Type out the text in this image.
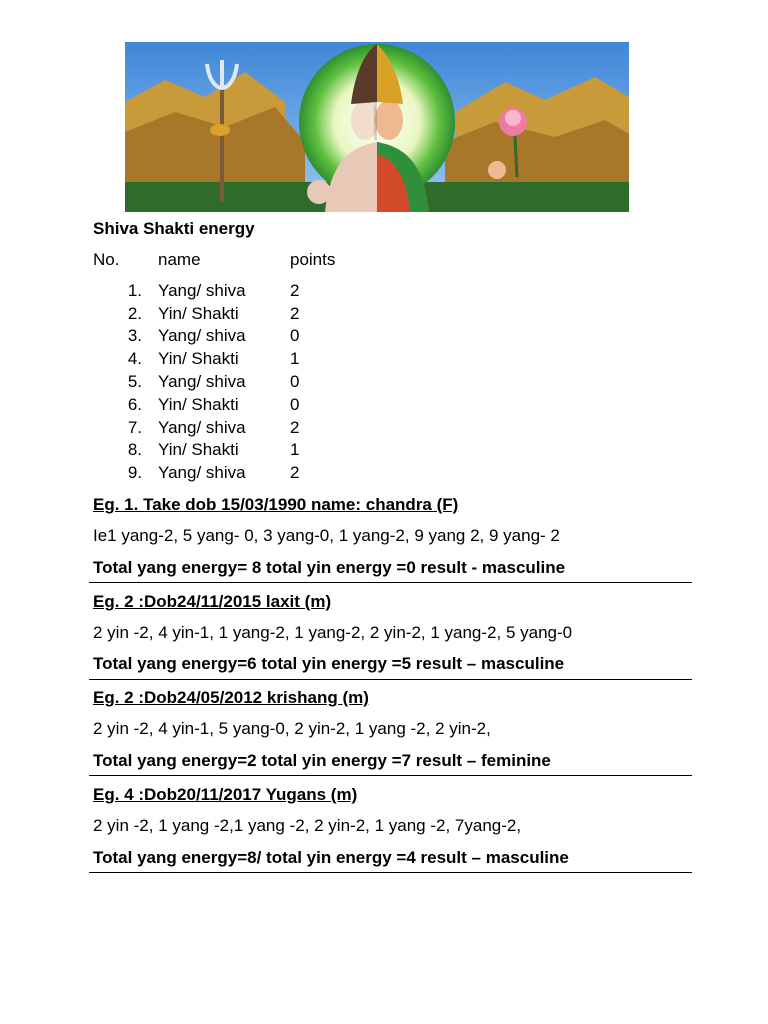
Shiva Shakti energy
No. name	points
1. Yang/ shiva	2
2. Yin/ Shakti	2
3. Yang/ shiva	0
4. Yin/ Shakti	1
5. Yang/ shiva	0
6. Yin/ Shakti	0
7. Yang/ shiva	2
8. Yin/ Shakti	1
9. Yang/ shiva	2
Eg. 1. Take dob 15/03/1990 name: chandra (F)
Ie1 yang-2, 5 yang- 0, 3 yang-0, 1 yang-2, 9 yang 2, 9 yang- 2
Total yang energy= 8 total yin energy =0 result - masculine
Eg. 2 :Dob24/11/2015 laxit (m)
2 yin -2, 4 yin-1, 1 yang-2, 1 yang-2, 2 yin-2, 1 yang-2, 5 yang-0
Total yang energy=6 total yin energy =5 result – masculine
Eg. 2 :Dob24/05/2012 krishang (m)
2 yin -2, 4 yin-1, 5 yang-0, 2 yin-2, 1 yang -2, 2 yin-2,
Total yang energy=2 total yin energy =7 result – feminine
Eg. 4 :Dob20/11/2017 Yugans (m)
2 yin -2, 1 yang -2,1 yang -2, 2 yin-2, 1 yang -2, 7yang-2,
Total yang energy=8/ total yin energy =4 result – masculine
